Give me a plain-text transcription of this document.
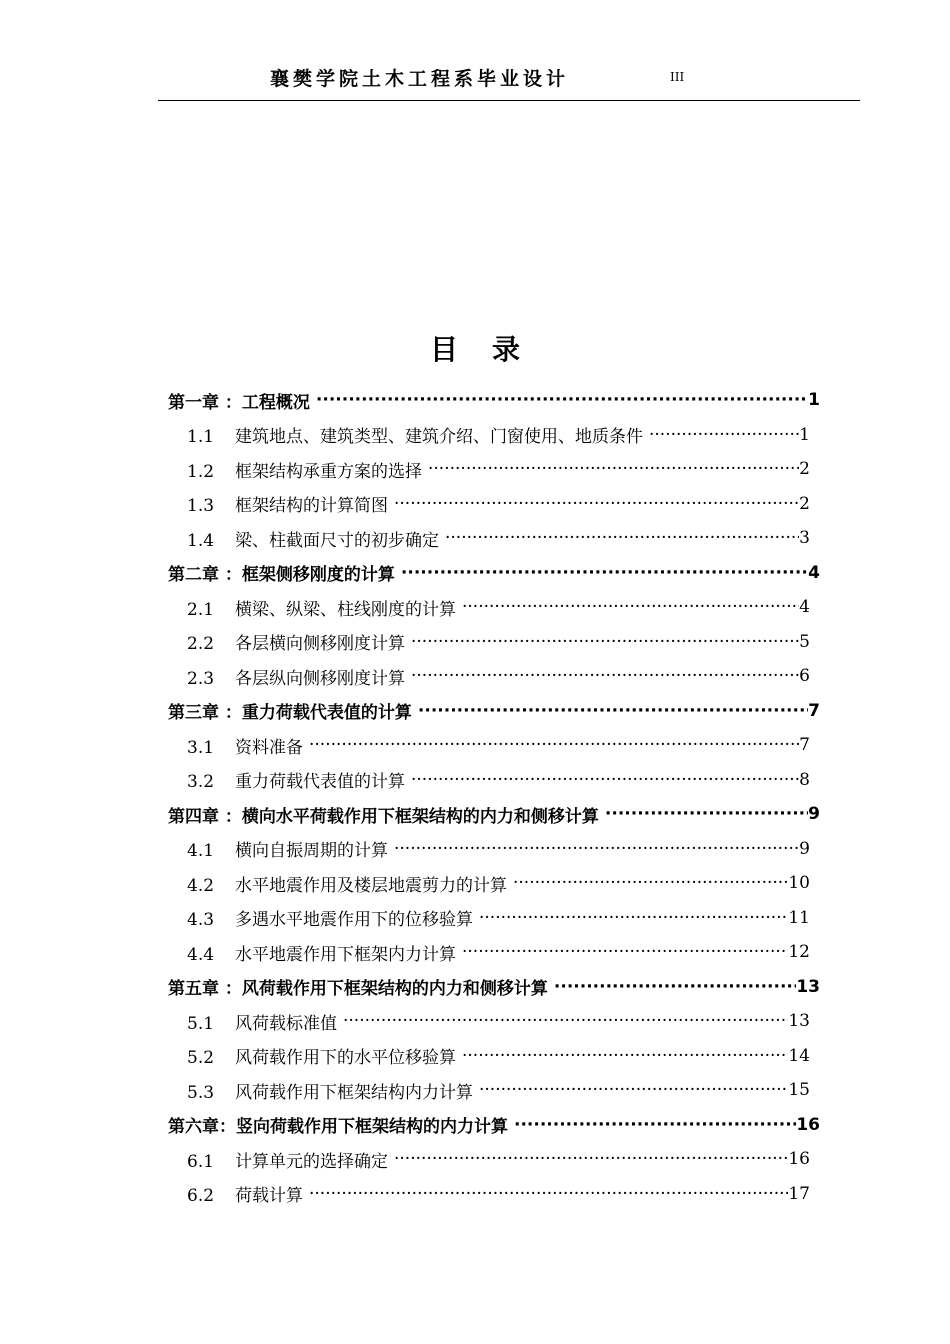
襄樊学院土木工程系毕业设计	III
目录
第一章 ：工程概况 ·····	1
1.1 建筑地点、建筑类型、建筑介绍、门窗使用、地质条件 ·····	1
1.2 框架结构承重方案的选择 ·····	2
1.3 框架结构的计算简图 ·····	2
1.4 梁、柱截面尺寸的初步确定 ·····	3
第二章 ：框架侧移刚度的计算 ·····	4
2.1 横梁、纵梁、柱线刚度的计算 ·····	4
2.2 各层横向侧移刚度计算 ·····	5
2.3 各层纵向侧移刚度计算 ·····	6
第三章 ：重力荷载代表值的计算 ·····	7
3.1 资料准备 ·····	7
3.2 重力荷载代表值的计算 ·····	8
第四章 ：横向水平荷载作用下框架结构的内力和侧移计算 ·····	9
4.1 横向自振周期的计算 ·····	9
4.2 水平地震作用及楼层地震剪力的计算 ·····	10
4.3 多遇水平地震作用下的位移验算 ·····	11
4.4 水平地震作用下框架内力计算 ·····	12
第五章 ：风荷载作用下框架结构的内力和侧移计算 ·····	13
5.1 风荷载标准值 ·····	13
5.2 风荷载作用下的水平位移验算 ·····	14
5.3 风荷载作用下框架结构内力计算 ·····	15
第六章：竖向荷载作用下框架结构的内力计算 ·····	16
6.1 计算单元的选择确定 ·····	16
6.2 荷载计算 ·····	17
